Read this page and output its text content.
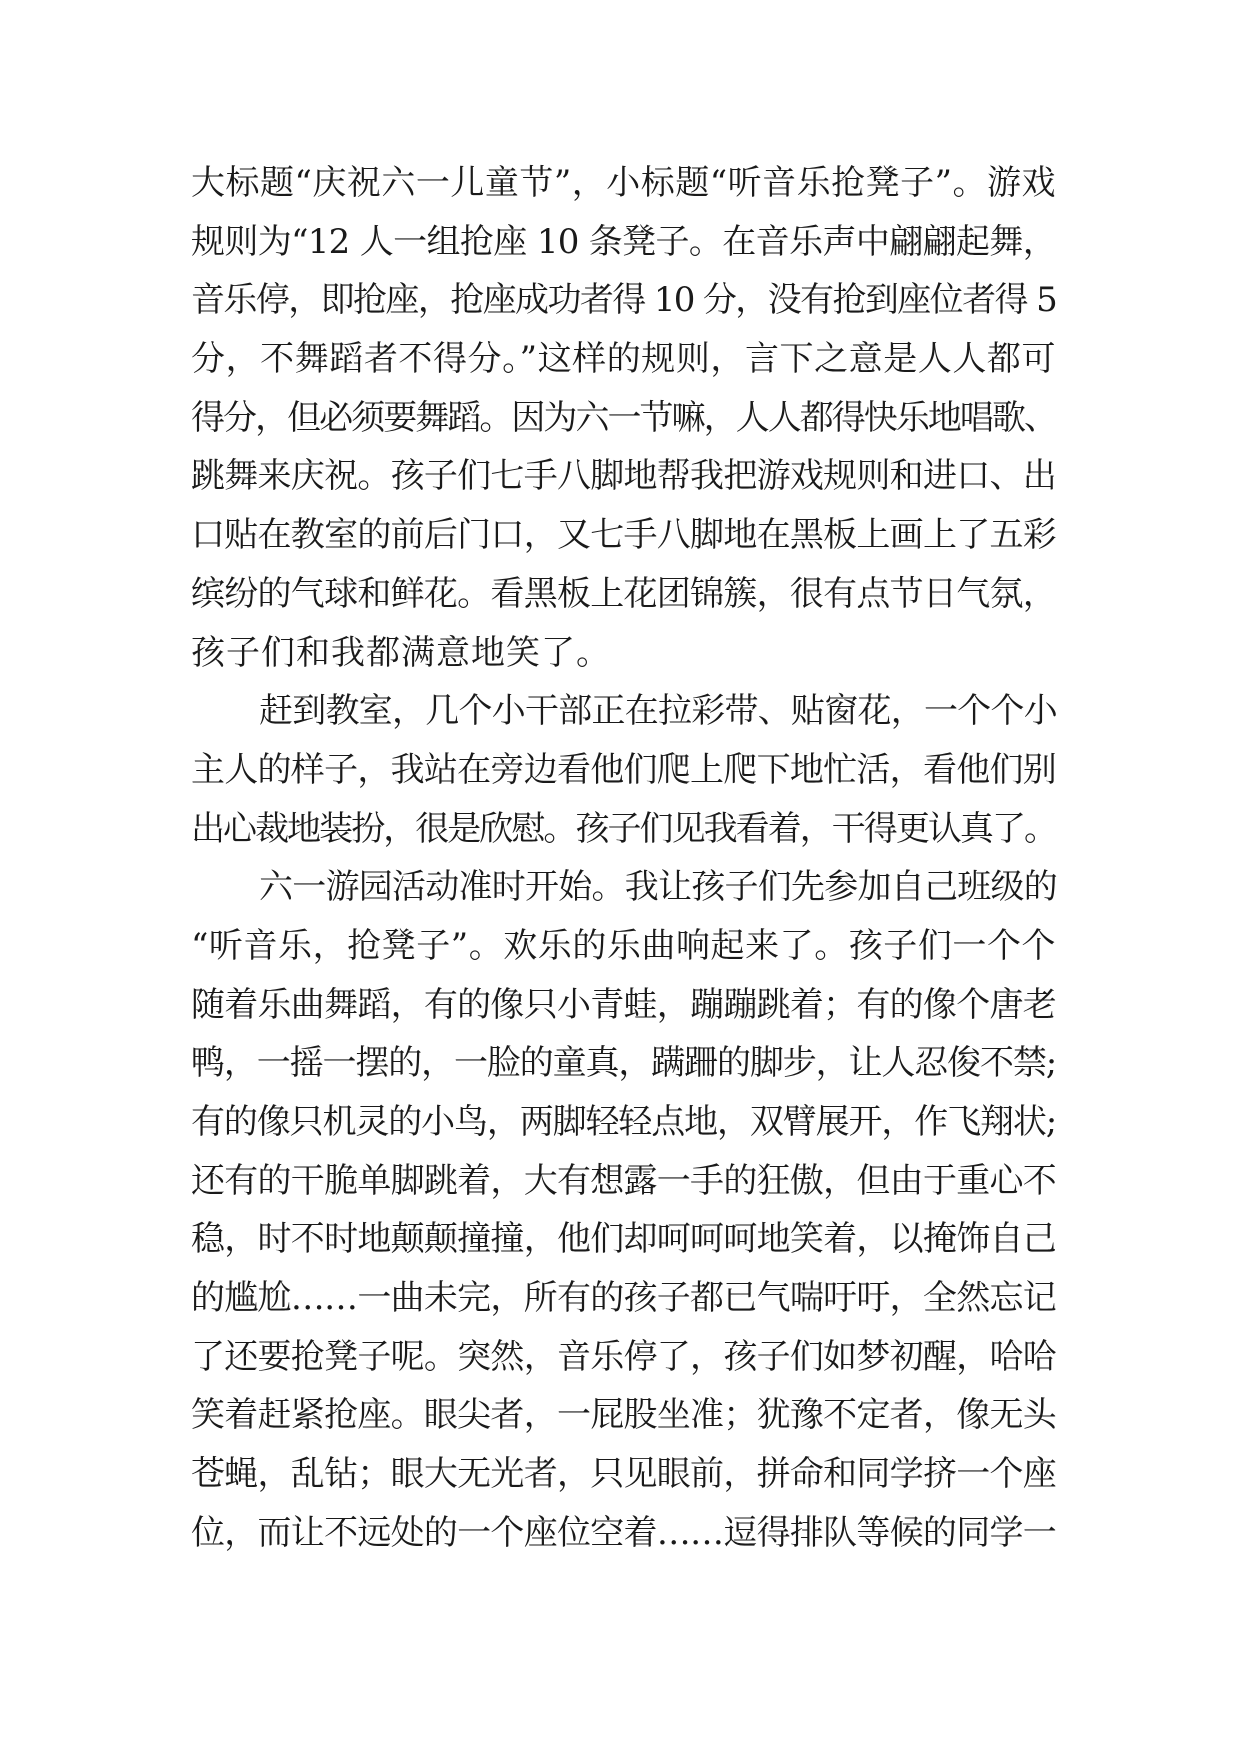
大标题“庆祝六一儿童节”，小标题“听音乐抢凳子”。游戏
规则为“12 人一组抢座 10 条凳子。在音乐声中翩翩起舞，
音乐停，即抢座，抢座成功者得 10 分，没有抢到座位者得 5
分，不舞蹈者不得分。”这样的规则，言下之意是人人都可
得分，但必须要舞蹈。因为六一节嘛，人人都得快乐地唱歌、
跳舞来庆祝。孩子们七手八脚地帮我把游戏规则和进口、出
口贴在教室的前后门口，又七手八脚地在黑板上画上了五彩
缤纷的气球和鲜花。看黑板上花团锦簇，很有点节日气氛，
孩子们和我都满意地笑了。
赶到教室，几个小干部正在拉彩带、贴窗花，一个个小
主人的样子，我站在旁边看他们爬上爬下地忙活，看他们别
出心裁地装扮，很是欣慰。孩子们见我看着，干得更认真了。
六一游园活动准时开始。我让孩子们先参加自己班级的
“听音乐，抢凳子”。欢乐的乐曲响起来了。孩子们一个个
随着乐曲舞蹈，有的像只小青蛙，蹦蹦跳着；有的像个唐老
鸭，一摇一摆的，一脸的童真，蹒跚的脚步，让人忍俊不禁;
有的像只机灵的小鸟，两脚轻轻点地，双臂展开，作飞翔状;
还有的干脆单脚跳着，大有想露一手的狂傲，但由于重心不
稳，时不时地颠颠撞撞，他们却呵呵呵地笑着，以掩饰自己
的尴尬……一曲未完，所有的孩子都已气喘吁吁，全然忘记
了还要抢凳子呢。突然，音乐停了，孩子们如梦初醒，哈哈
笑着赶紧抢座。眼尖者，一屁股坐准；犹豫不定者，像无头
苍蝇，乱钻；眼大无光者，只见眼前，拼命和同学挤一个座
位，而让不远处的一个座位空着……逗得排队等候的同学一
